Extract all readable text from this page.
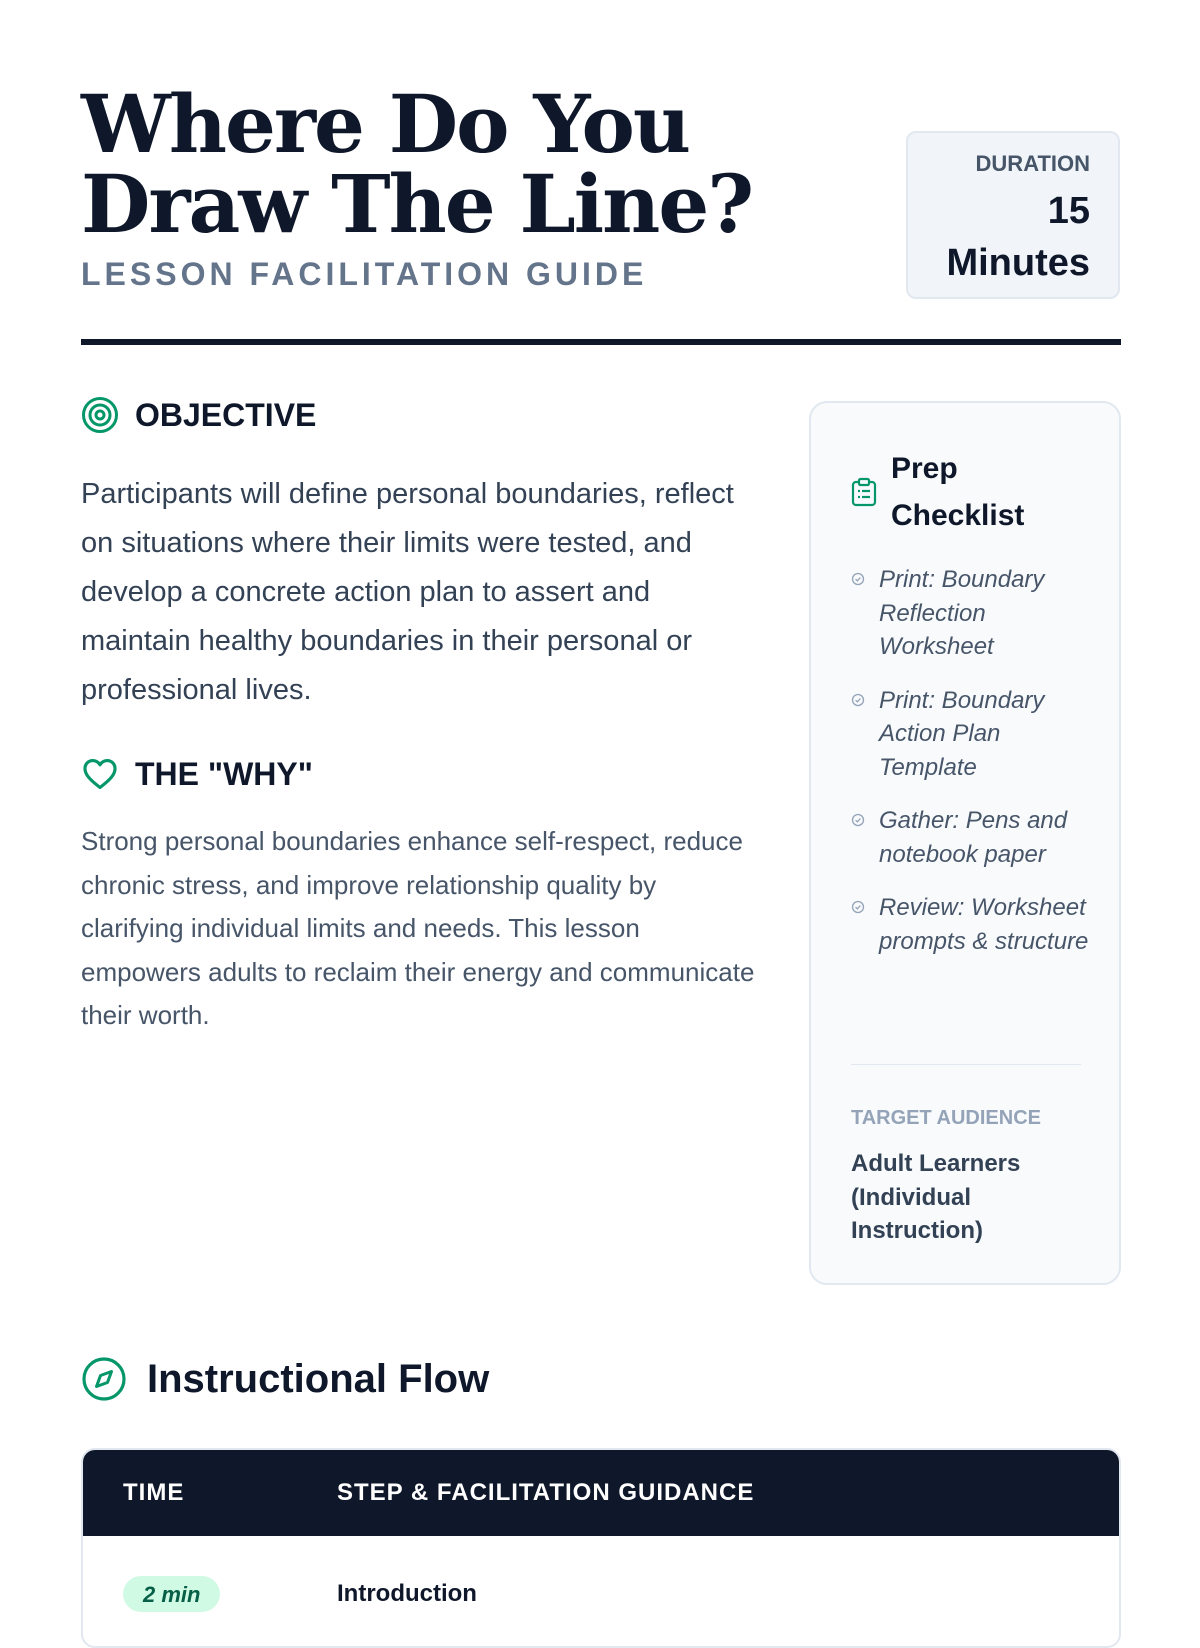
Where Do You Draw The Line?

LESSON FACILITATION GUIDE

DURATION
15 Minutes
OBJECTIVE

Participants will define personal boundaries, reflect on situations where their limits were tested, and develop a concrete action plan to assert and maintain healthy boundaries in their personal or professional lives.

THE "WHY"

Strong personal boundaries enhance self-respect, reduce chronic stress, and improve relationship quality by clarifying individual limits and needs. This lesson empowers adults to reclaim their energy and communicate their worth.

Prep Checklist
Print: Boundary Reflection Worksheet
Print: Boundary Action Plan Template
Gather: Pens and notebook paper
Review: Worksheet prompts & structure
TARGET AUDIENCE
Adult Learners (Individual Instruction)
Instructional Flow
TIME	STEP & FACILITATION GUIDANCE
2 min	Introduction
